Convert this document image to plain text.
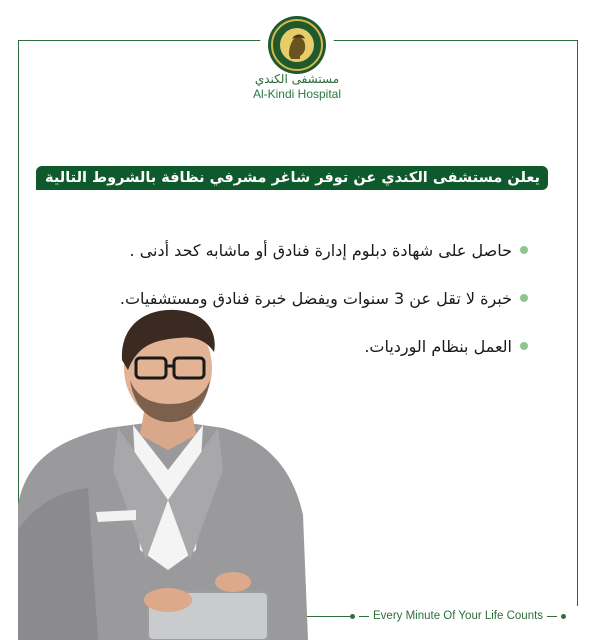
مستشفى الكندي
Al-Kindi Hospital
يعلن مستشفى الكندي عن توفر شاغر مشرفي نظافة بالشروط التالية :
حاصل على شهادة دبلوم إدارة فنادق أو ماشابه كحد أدنى .
خبرة لا تقل عن 3 سنوات ويفضل خبرة فنادق ومستشفيات.
العمل بنظام الورديات.
Every Minute Of Your Life Counts
